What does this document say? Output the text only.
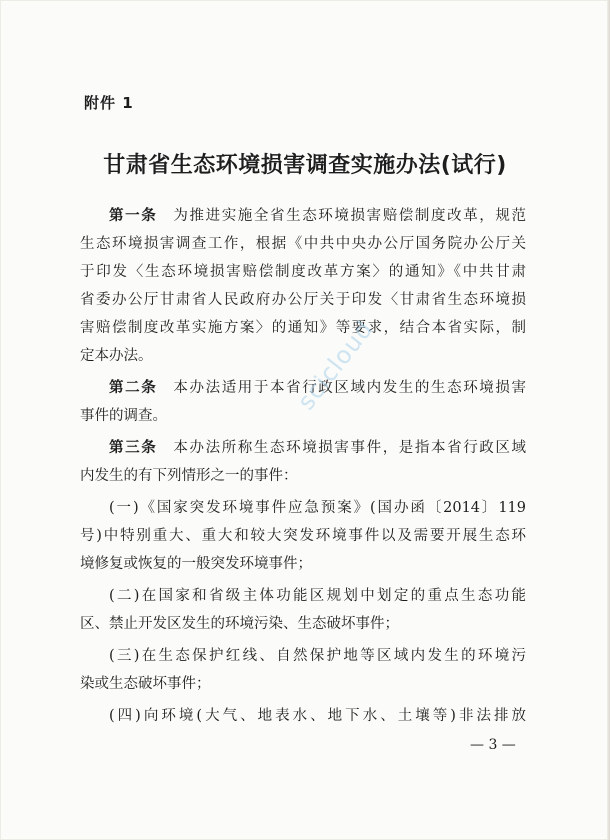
附件 1
甘肃省生态环境损害调查实施办法(试行)
第一条　为推进实施全省生态环境损害赔偿制度改革，规范
生态环境损害调查工作，根据《中共中央办公厅国务院办公厅关
于印发〈生态环境损害赔偿制度改革方案〉的通知》《中共甘肃
省委办公厅甘肃省人民政府办公厅关于印发〈甘肃省生态环境损
害赔偿制度改革实施方案〉的通知》等要求，结合本省实际，制
定本办法。
第二条　本办法适用于本省行政区域内发生的生态环境损害
事件的调查。
第三条　本办法所称生态环境损害事件，是指本省行政区域
内发生的有下列情形之一的事件：
(一)《国家突发环境事件应急预案》(国办函〔2014〕119
号)中特别重大、重大和较大突发环境事件以及需要开展生态环
境修复或恢复的一般突发环境事件；
(二)在国家和省级主体功能区规划中划定的重点生态功能
区、禁止开发区发生的环境污染、生态破坏事件；
(三)在生态保护红线、自然保护地等区域内发生的环境污
染或生态破坏事件；
(四)向环境(大气、地表水、地下水、土壤等)非法排放
scicloud
— 3 —
